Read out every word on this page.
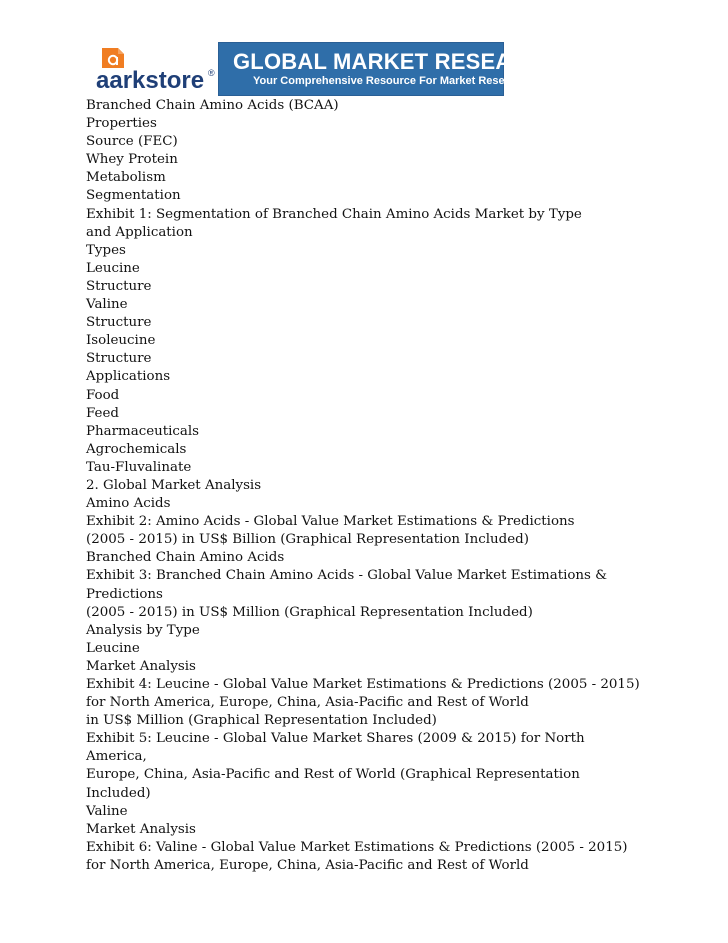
aarkstore ® GLOBAL MARKET RESEARCH
Your Comprehensive Resource For Market Research
Branched Chain Amino Acids (BCAA)
Properties
Source (FEC)
Whey Protein
Metabolism
Segmentation
Exhibit 1: Segmentation of Branched Chain Amino Acids Market by Type
and Application
Types
Leucine
Structure
Valine
Structure
Isoleucine
Structure
Applications
Food
Feed
Pharmaceuticals
Agrochemicals
Tau-Fluvalinate
2. Global Market Analysis
Amino Acids
Exhibit 2: Amino Acids - Global Value Market Estimations & Predictions
(2005 - 2015) in US$ Billion (Graphical Representation Included)
Branched Chain Amino Acids
Exhibit 3: Branched Chain Amino Acids - Global Value Market Estimations &
Predictions
(2005 - 2015) in US$ Million (Graphical Representation Included)
Analysis by Type
Leucine
Market Analysis
Exhibit 4: Leucine - Global Value Market Estimations & Predictions (2005 - 2015)
for North America, Europe, China, Asia-Pacific and Rest of World
in US$ Million (Graphical Representation Included)
Exhibit 5: Leucine - Global Value Market Shares (2009 & 2015) for North America,
Europe, China, Asia-Pacific and Rest of World (Graphical Representation Included)
Valine
Market Analysis
Exhibit 6: Valine - Global Value Market Estimations & Predictions (2005 - 2015)
for North America, Europe, China, Asia-Pacific and Rest of World
